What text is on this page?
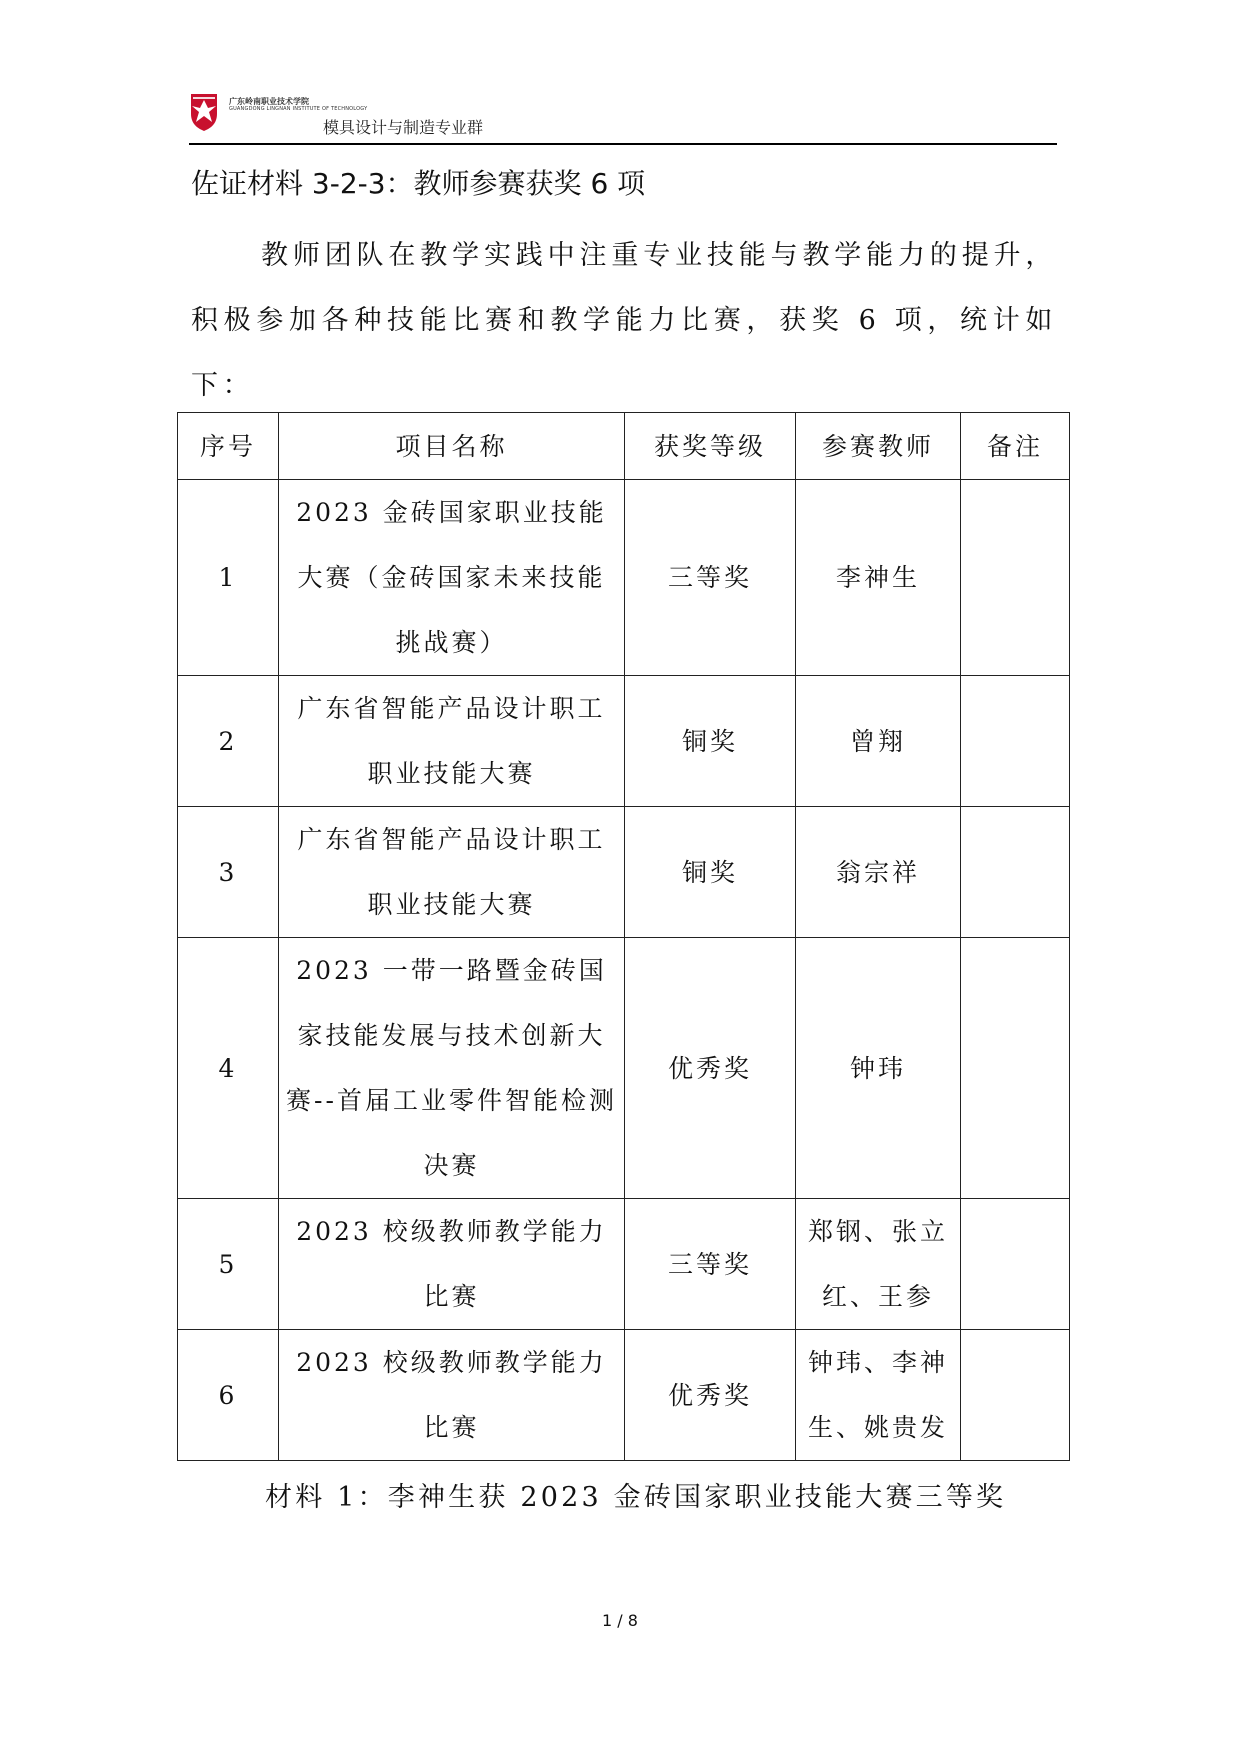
广东岭南职业技术学院
GUANGDONG LINGNAN INSTITUTE OF TECHNOLOGY
模具设计与制造专业群
佐证材料 3-2-3：教师参赛获奖 6 项
教师团队在教学实践中注重专业技能与教学能力的提升，积极参加各种技能比赛和教学能力比赛，获奖 6 项，统计如下：
序号	项目名称	获奖等级	参赛教师	备注
1	2023 金砖国家职业技能大赛（金砖国家未来技能挑战赛）	三等奖	李神生	
2	广东省智能产品设计职工职业技能大赛	铜奖	曾翔	
3	广东省智能产品设计职工职业技能大赛	铜奖	翁宗祥	
4	2023 一带一路暨金砖国家技能发展与技术创新大赛--首届工业零件智能检测决赛	优秀奖	钟玮	
5	2023 校级教师教学能力比赛	三等奖	郑钢、张立红、王参	
6	2023 校级教师教学能力比赛	优秀奖	钟玮、李神生、姚贵发	
材料 1：李神生获 2023 金砖国家职业技能大赛三等奖
1 / 8
